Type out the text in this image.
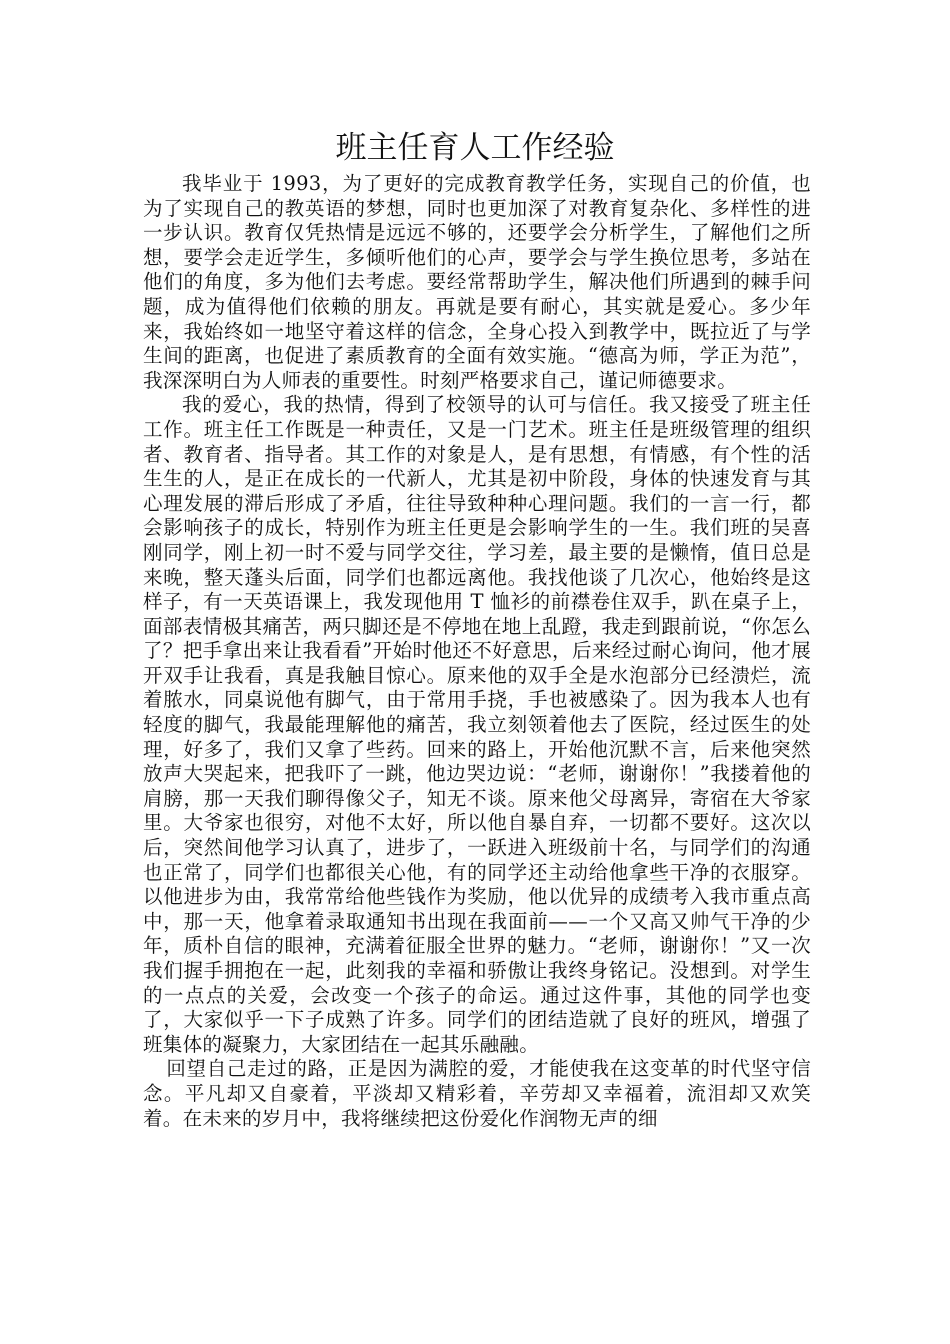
班主任育人工作经验

我毕业于 1993，为了更好的完成教育教学任务，实现自己的价值，也为了实现自己的教英语的梦想，同时也更加深了对教育复杂化、多样性的进一步认识。教育仅凭热情是远远不够的，还要学会分析学生，了解他们之所想，要学会走近学生，多倾听他们的心声，要学会与学生换位思考，多站在他们的角度，多为他们去考虑。要经常帮助学生，解决他们所遇到的棘手问题，成为值得他们依赖的朋友。再就是要有耐心，其实就是爱心。多少年来，我始终如一地坚守着这样的信念，全身心投入到教学中，既拉近了与学生间的距离，也促进了素质教育的全面有效实施。“德高为师，学正为范”，我深深明白为人师表的重要性。时刻严格要求自己，谨记师德要求。

我的爱心，我的热情，得到了校领导的认可与信任。我又接受了班主任工作。班主任工作既是一种责任，又是一门艺术。班主任是班级管理的组织者、教育者、指导者。其工作的对象是人，是有思想，有情感，有个性的活生生的人，是正在成长的一代新人，尤其是初中阶段，身体的快速发育与其心理发展的滞后形成了矛盾，往往导致种种心理问题。我们的一言一行，都会影响孩子的成长，特别作为班主任更是会影响学生的一生。我们班的吴喜刚同学，刚上初一时不爱与同学交往，学习差，最主要的是懒惰，值日总是来晚，整天蓬头后面，同学们也都远离他。我找他谈了几次心，他始终是这样子，有一天英语课上，我发现他用 T 恤衫的前襟卷住双手，趴在桌子上，面部表情极其痛苦，两只脚还是不停地在地上乱蹬，我走到跟前说，“你怎么了？把手拿出来让我看看”开始时他还不好意思，后来经过耐心询问，他才展开双手让我看，真是我触目惊心。原来他的双手全是水泡部分已经溃烂，流着脓水，同桌说他有脚气，由于常用手挠，手也被感染了。因为我本人也有轻度的脚气，我最能理解他的痛苦，我立刻领着他去了医院，经过医生的处理，好多了，我们又拿了些药。回来的路上，开始他沉默不言，后来他突然放声大哭起来，把我吓了一跳，他边哭边说：“老师，谢谢你！”我搂着他的肩膀，那一天我们聊得像父子，知无不谈。原来他父母离异，寄宿在大爷家里。大爷家也很穷，对他不太好，所以他自暴自弃，一切都不要好。这次以后，突然间他学习认真了，进步了，一跃进入班级前十名，与同学们的沟通也正常了，同学们也都很关心他，有的同学还主动给他拿些干净的衣服穿。以他进步为由，我常常给他些钱作为奖励，他以优异的成绩考入我市重点高中，那一天，他拿着录取通知书出现在我面前——一个又高又帅气干净的少年，质朴自信的眼神，充满着征服全世界的魅力。“老师，谢谢你！”又一次我们握手拥抱在一起，此刻我的幸福和骄傲让我终身铭记。没想到。对学生的一点点的关爱，会改变一个孩子的命运。通过这件事，其他的同学也变了，大家似乎一下子成熟了许多。同学们的团结造就了良好的班风，增强了班集体的凝聚力，大家团结在一起其乐融融。

回望自己走过的路，正是因为满腔的爱，才能使我在这变革的时代坚守信念。平凡却又自豪着，平淡却又精彩着，辛劳却又幸福着，流泪却又欢笑着。在未来的岁月中，我将继续把这份爱化作润物无声的细
